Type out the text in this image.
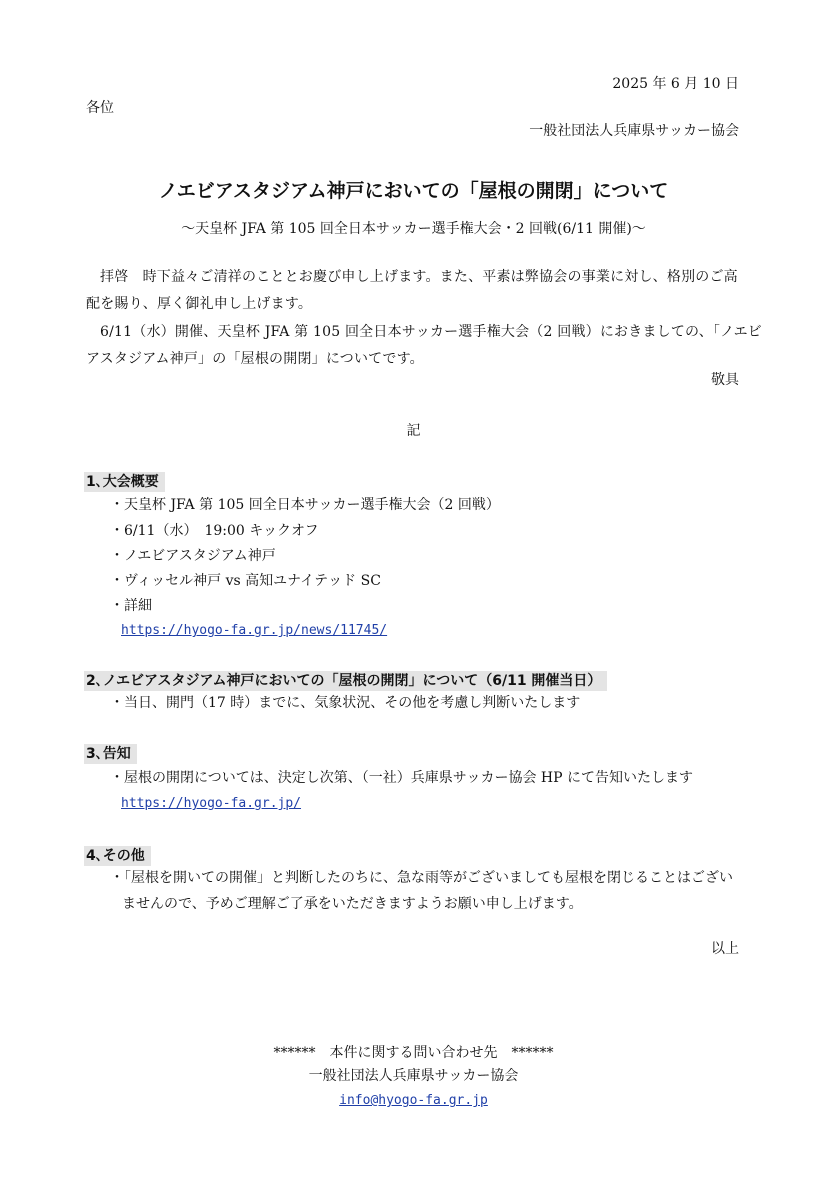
2025 年 6 月 10 日
各位
一般社団法人兵庫県サッカー協会
ノエビアスタジアム神戸においての「屋根の開閉」について
～天皇杯 JFA 第 105 回全日本サッカー選手権大会・2 回戦(6/11 開催)～
拝啓　時下益々ご清祥のこととお慶び申し上げます。また、平素は弊協会の事業に対し、格別のご高
配を賜り、厚く御礼申し上げます。
6/11（水）開催、天皇杯 JFA 第 105 回全日本サッカー選手権大会（2 回戦）におきましての、「ノエビ
アスタジアム神戸」の「屋根の開閉」についてです。
敬具
記
1､大会概要
・天皇杯 JFA 第 105 回全日本サッカー選手権大会（2 回戦）
・6/11（水）　19:00 キックオフ
・ノエビアスタジアム神戸
・ヴィッセル神戸 vs 高知ユナイテッド SC
・詳細
https://hyogo-fa.gr.jp/news/11745/
2､ノエビアスタジアム神戸においての「屋根の開閉」について（6/11 開催当日）
・当日、開門（17 時）までに、気象状況、その他を考慮し判断いたします
3､告知
・屋根の開閉については、決定し次第、（一社）兵庫県サッカー協会 HP にて告知いたします
https://hyogo-fa.gr.jp/
4､その他
・「屋根を開いての開催」と判断したのちに、急な雨等がございましても屋根を閉じることはござい
ませんので、予めご理解ご了承をいただきますようお願い申し上げます。
以上
******　本件に関する問い合わせ先　******
一般社団法人兵庫県サッカー協会
info@hyogo-fa.gr.jp
